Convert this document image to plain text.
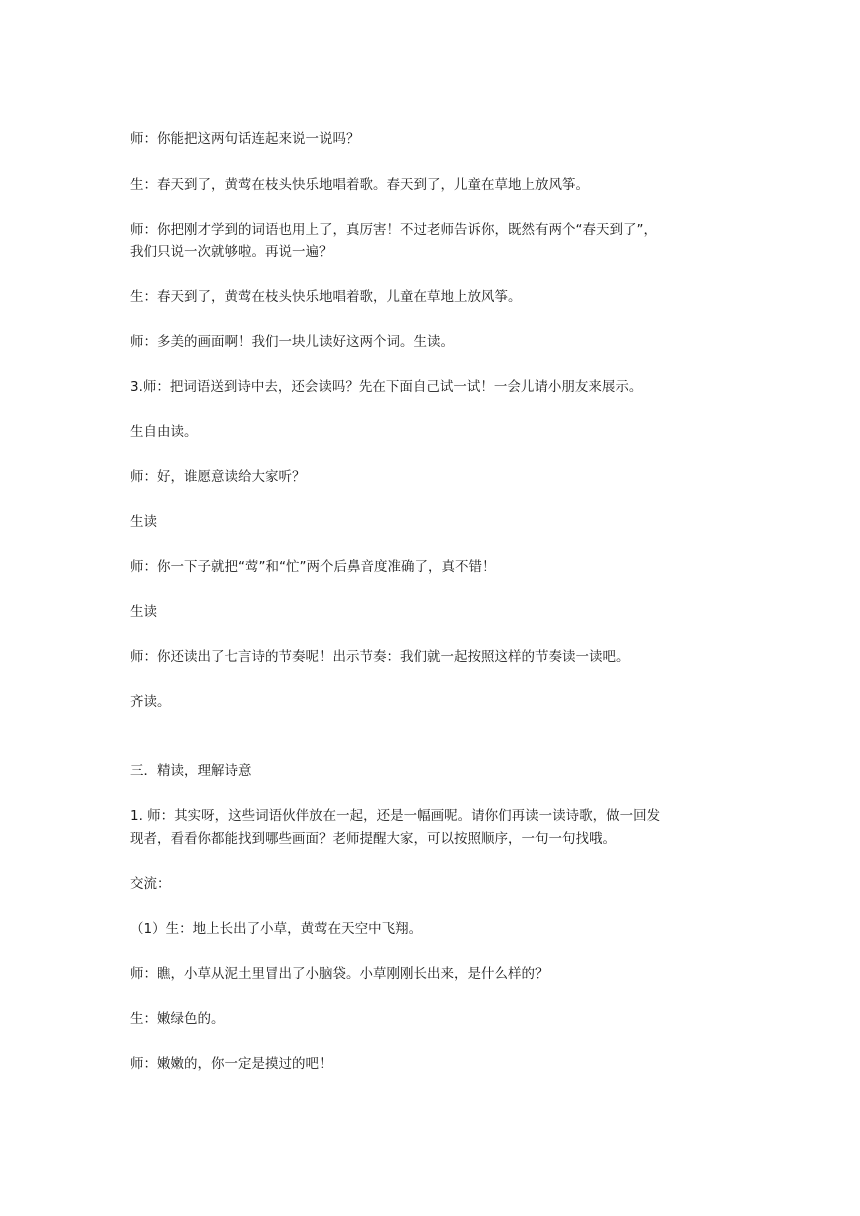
师：你能把这两句话连起来说一说吗？

生：春天到了，黄莺在枝头快乐地唱着歌。春天到了，儿童在草地上放风筝。

师：你把刚才学到的词语也用上了，真厉害！不过老师告诉你，既然有两个“春天到了”，

我们只说一次就够啦。再说一遍？

生：春天到了，黄莺在枝头快乐地唱着歌，儿童在草地上放风筝。

师：多美的画面啊！我们一块儿读好这两个词。生读。

3.师：把词语送到诗中去，还会读吗？先在下面自己试一试！一会儿请小朋友来展示。

生自由读。

师：好，谁愿意读给大家听？

生读

师：你一下子就把“莺”和“忙”两个后鼻音度准确了，真不错！

生读

师：你还读出了七言诗的节奏呢！出示节奏：我们就一起按照这样的节奏读一读吧。

齐读。

三．精读，理解诗意

1. 师：其实呀，这些词语伙伴放在一起，还是一幅画呢。请你们再读一读诗歌，做一回发

现者，看看你都能找到哪些画面？老师提醒大家，可以按照顺序，一句一句找哦。

交流：

（1）生：地上长出了小草，黄莺在天空中飞翔。

师：瞧，小草从泥土里冒出了小脑袋。小草刚刚长出来，是什么样的？

生：嫩绿色的。

师：嫩嫩的，你一定是摸过的吧！
